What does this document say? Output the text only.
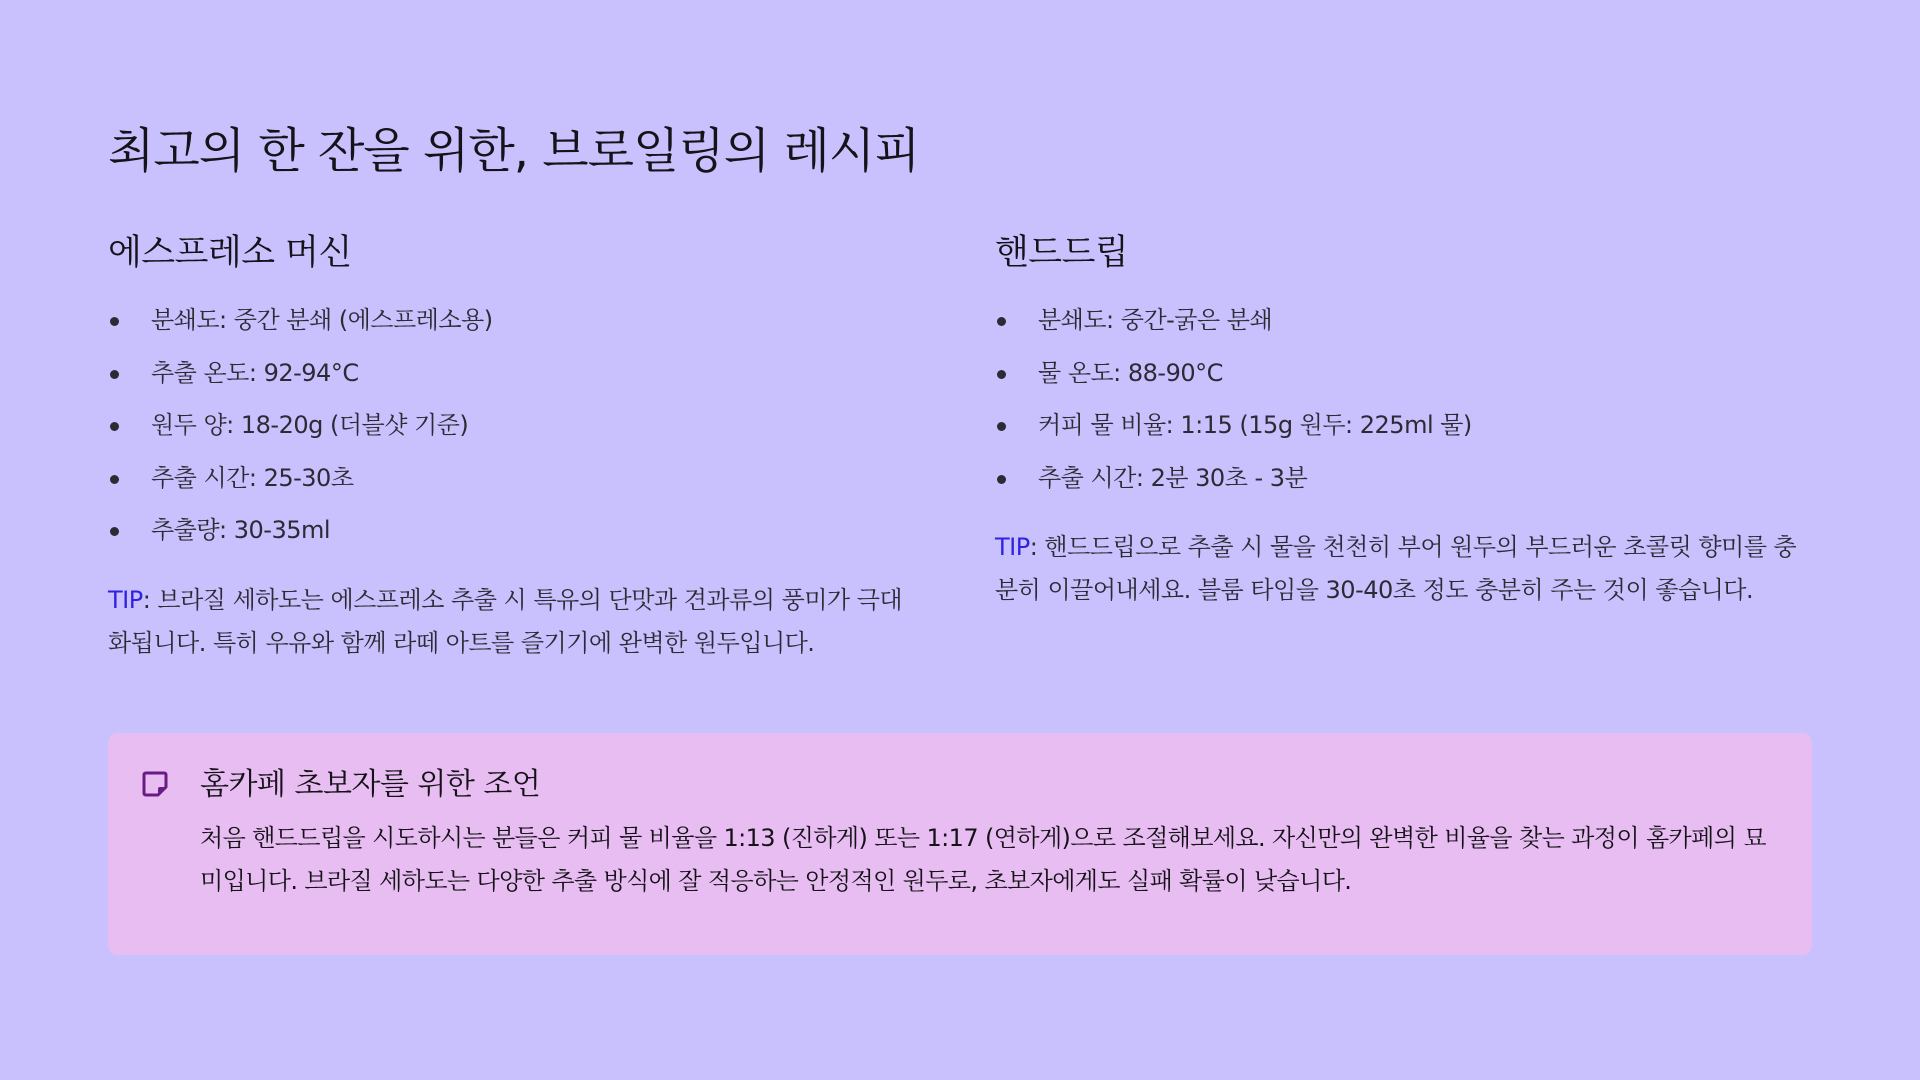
최고의 한 잔을 위한, 브로일링의 레시피
에스프레소 머신
분쇄도: 중간 분쇄 (에스프레소용)
추출 온도: 92-94°C
원두 양: 18-20g (더블샷 기준)
추출 시간: 25-30초
추출량: 30-35ml

TIP: 브라질 세하도는 에스프레소 추출 시 특유의 단맛과 견과류의 풍미가 극대화됩니다. 특히 우유와 함께 라떼 아트를 즐기기에 완벽한 원두입니다.

핸드드립
분쇄도: 중간-굵은 분쇄
물 온도: 88-90°C
커피 물 비율: 1:15 (15g 원두: 225ml 물)
추출 시간: 2분 30초 - 3분

TIP: 핸드드립으로 추출 시 물을 천천히 부어 원두의 부드러운 초콜릿 향미를 충분히 이끌어내세요. 블룸 타임을 30-40초 정도 충분히 주는 것이 좋습니다.

홈카페 초보자를 위한 조언

처음 핸드드립을 시도하시는 분들은 커피 물 비율을 1:13 (진하게) 또는 1:17 (연하게)으로 조절해보세요. 자신만의 완벽한 비율을 찾는 과정이 홈카페의 묘미입니다. 브라질 세하도는 다양한 추출 방식에 잘 적응하는 안정적인 원두로, 초보자에게도 실패 확률이 낮습니다.
